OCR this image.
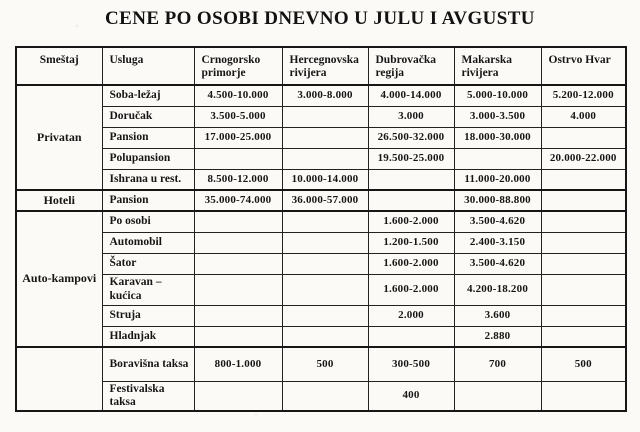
CENE PO OSOBI DNEVNO U JULU I AVGUSTU
Smeštaj	Usluga	Crnogorsko primorje	Hercegnovska rivijera	Dubrovačka regija	Makarska rivijera	Ostrvo Hvar
Privatan	Soba-ležaj	4.500-10.000	3.000-8.000	4.000-14.000	5.000-10.000	5.200-12.000
	Doručak	3.500-5.000		3.000	3.000-3.500	4.000
	Pansion	17.000-25.000		26.500-32.000	18.000-30.000	
	Polupansion			19.500-25.000		20.000-22.000
	Ishrana u rest.	8.500-12.000	10.000-14.000		11.000-20.000	
Hoteli	Pansion	35.000-74.000	36.000-57.000		30.000-88.800	
Auto-kampovi	Po osobi			1.600-2.000	3.500-4.620	
	Automobil			1.200-1.500	2.400-3.150	
	Šator			1.600-2.000	3.500-4.620	
	Karavan – kućica			1.600-2.000	4.200-18.200	
	Struja			2.000	3.600	
	Hladnjak				2.880	
	Boravišna taksa	800-1.000	500	300-500	700	500
	Festivalska taksa			400		
